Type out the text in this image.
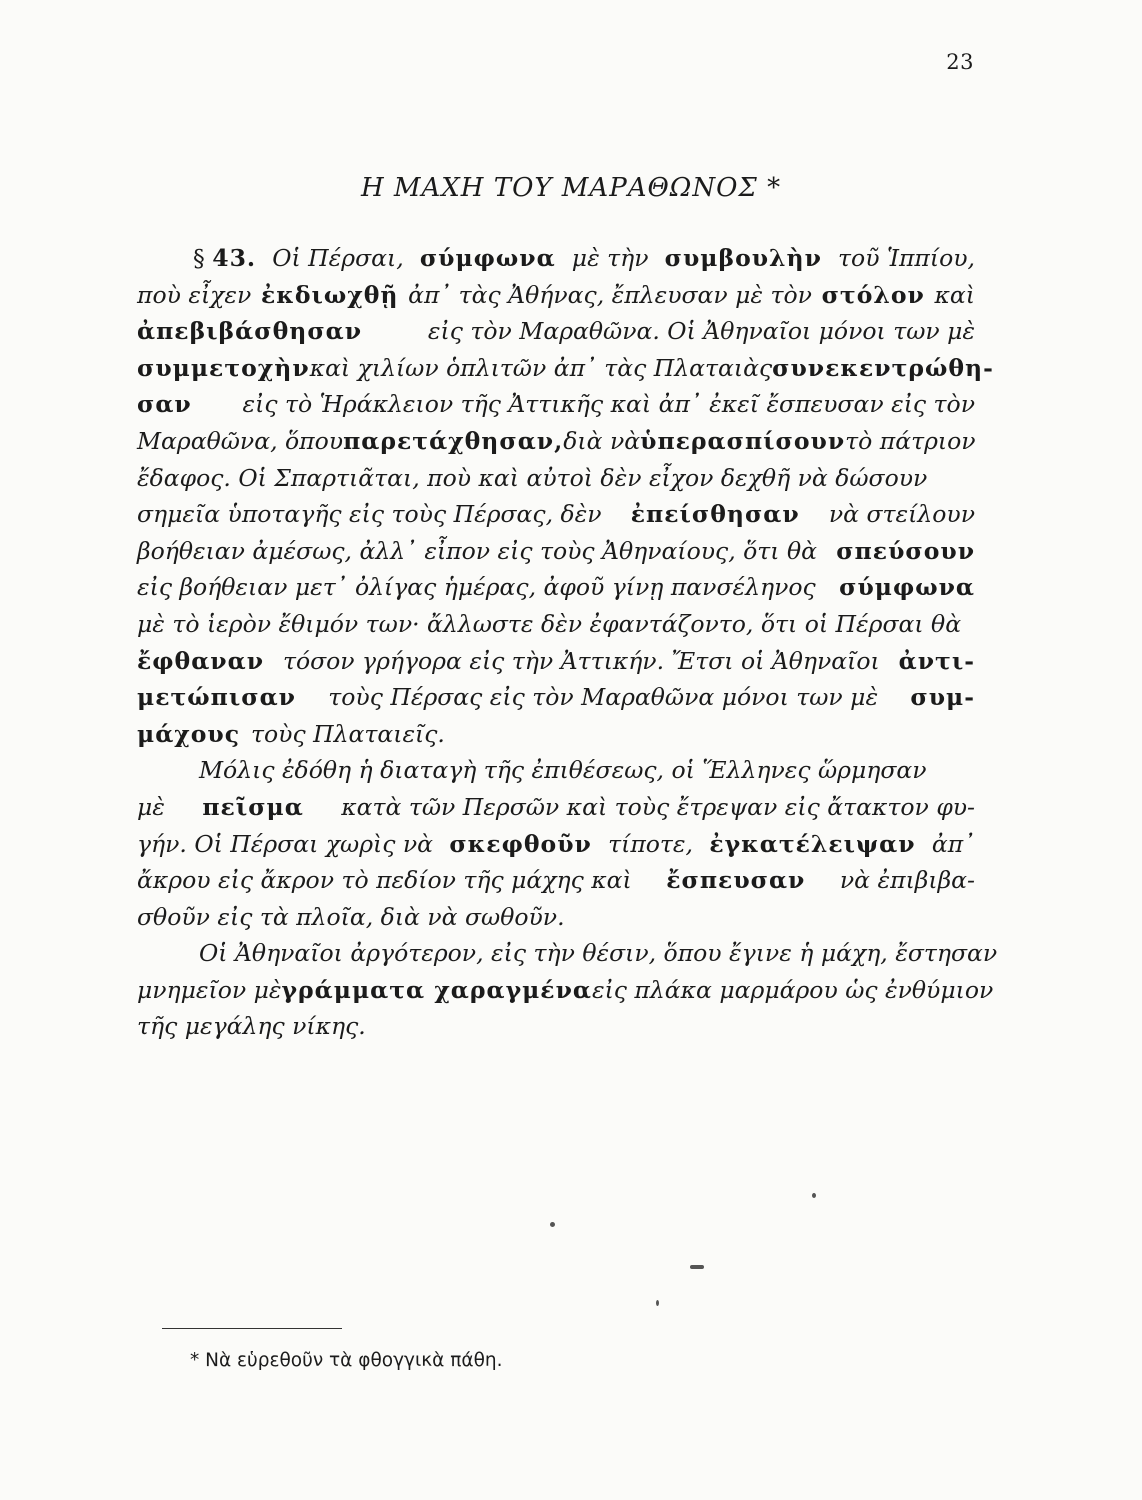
23
Η ΜΑΧΗ ΤΟΥ ΜΑΡΑΘΩΝΟΣ *
§ 43. Οἱ Πέρσαι, σύμφωνα μὲ τὴν συμβουλὴν τοῦ Ἱππίου,
ποὺ εἶχεν ἐκδιωχθῇ ἀπ᾿ τὰς Ἀθήνας, ἔπλευσαν μὲ τὸν στόλον καὶ
ἀπεβιβάσθησαν	εἰς τὸν Μαραθῶνα. Οἱ Ἀθηναῖοι μόνοι των μὲ
συμμετοχὴν καὶ χιλίων ὁπλιτῶν ἀπ᾿ τὰς Πλαταιὰς συνεκεντρώθη-
σαν εἰς τὸ Ἡράκλειον τῆς Ἀττικῆς καὶ ἀπ᾿ ἐκεῖ ἔσπευσαν εἰς τὸν
Μαραθῶνα, ὅπου παρετάχθησαν, διὰ νὰ ὑπερασπίσουν τὸ πάτριον
ἔδαφος. Οἱ Σπαρτιᾶται, ποὺ καὶ αὐτοὶ δὲν εἶχον δεχθῆ νὰ δώσουν
σημεῖα ὑποταγῆς εἰς τοὺς Πέρσας, δὲν ἐπείσθησαν νὰ στείλουν
βοήθειαν ἀμέσως, ἀλλ᾿ εἶπον εἰς τοὺς Ἀθηναίους, ὅτι θὰ σπεύσουν
εἰς βοήθειαν μετ᾿ ὀλίγας ἡμέρας, ἀφοῦ γίνῃ πανσέληνος σύμφωνα
μὲ τὸ ἱερὸν ἔθιμόν των· ἄλλωστε δὲν ἐφαντάζοντο, ὅτι οἱ Πέρσαι θὰ
ἔφθαναν τόσον γρήγορα εἰς τὴν Ἀττικήν. Ἔτσι οἱ Ἀθηναῖοι ἀντι-
μετώπισαν τοὺς Πέρσας εἰς τὸν Μαραθῶνα μόνοι των μὲ συμ-
μάχους τοὺς Πλαταιεῖς.
Μόλις ἐδόθη ἡ διαταγὴ τῆς ἐπιθέσεως, οἱ Ἕλληνες ὥρμησαν
μὲ πεῖσμα κατὰ τῶν Περσῶν καὶ τοὺς ἔτρεψαν εἰς ἄτακτον φυ-
γήν. Οἱ Πέρσαι χωρὶς νὰ σκεφθοῦν τίποτε, ἐγκατέλειψαν ἀπ᾿
ἄκρου εἰς ἄκρον τὸ πεδίον τῆς μάχης καὶ ἔσπευσαν νὰ ἐπιβιβα-
σθοῦν εἰς τὰ πλοῖα, διὰ νὰ σωθοῦν.
Οἱ Ἀθηναῖοι ἀργότερον, εἰς τὴν θέσιν, ὅπου ἔγινε ἡ μάχη, ἔστησαν
μνημεῖον μὲ γράμματα χαραγμένα εἰς πλάκα μαρμάρου ὡς ἐνθύμιον
τῆς μεγάλης νίκης.
* Νὰ εὑρεθοῦν τὰ φθογγικὰ πάθη.
